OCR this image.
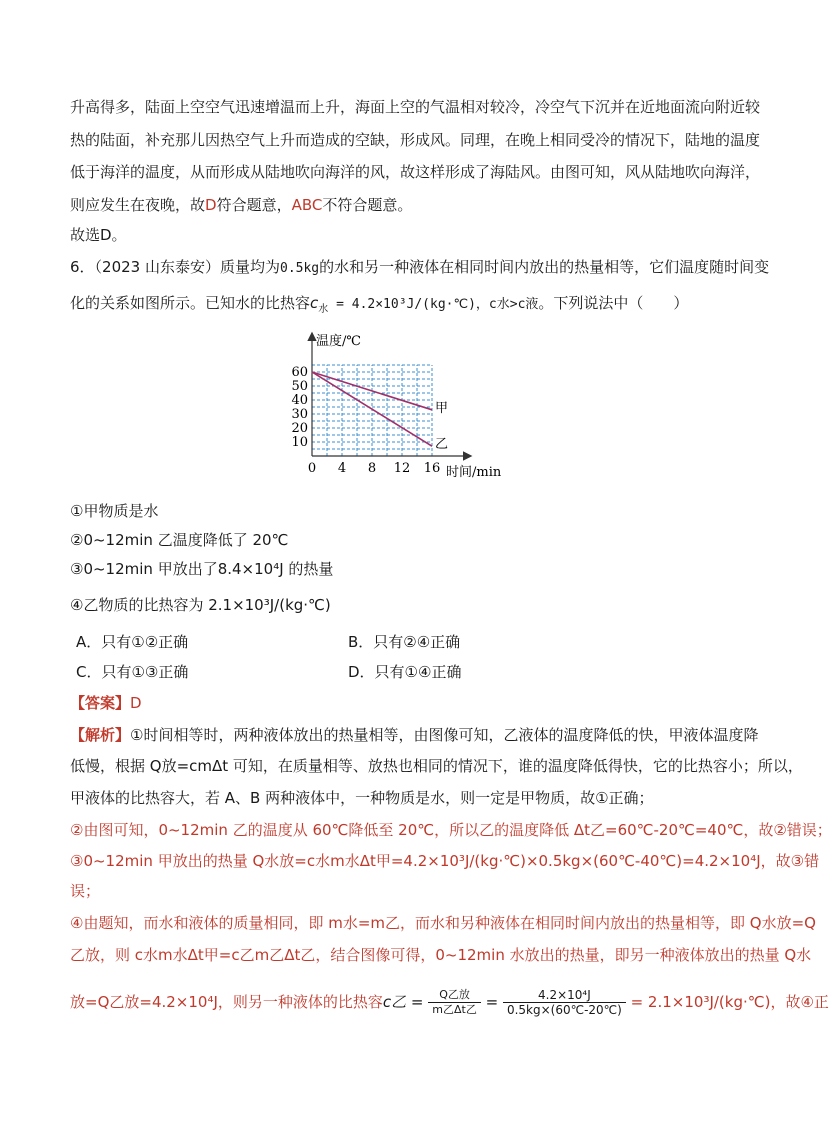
升高得多，陆面上空空气迅速增温而上升，海面上空的气温相对较冷，冷空气下沉并在近地面流向附近较
热的陆面，补充那儿因热空气上升而造成的空缺，形成风。同理，在晚上相同受冷的情况下，陆地的温度
低于海洋的温度，从而形成从陆地吹向海洋的风，故这样形成了海陆风。由图可知，风从陆地吹向海洋，
则应发生在夜晚，故D符合题意，ABC不符合题意。
故选D。
6．（2023 山东泰安）质量均为0.5kg的水和另一种液体在相同时间内放出的热量相等，它们温度随时间变
化的关系如图所示。已知水的比热容$c_水$ = 4.2×10³J/(kg·℃)，c水>c液。下列说法中（　　）
温度/℃
时间/min
0 4 8 12 16
10
20
30
40
50
60
甲
乙
①甲物质是水
②0~12min 乙温度降低了 20℃
③0~12min 甲放出了8.4×10⁴J 的热量
④乙物质的比热容为 2.1×10³J/(kg·℃)
A．只有①②正确	B．只有②④正确
C．只有①③正确	D．只有①④正确
【答案】D
【解析】①时间相等时，两种液体放出的热量相等，由图像可知，乙液体的温度降低的快，甲液体温度降
低慢，根据 Q放=cmΔt 可知，在质量相等、放热也相同的情况下，谁的温度降低得快，它的比热容小；所以，
甲液体的比热容大，若 A、B 两种液体中，一种物质是水，则一定是甲物质，故①正确；
②由图可知，0~12min 乙的温度从 60℃降低至 20℃，所以乙的温度降低 Δt乙=60℃-20℃=40℃，故②错误；
③0~12min 甲放出的热量 Q水放=c水m水Δt甲=4.2×10³J/(kg·℃)×0.5kg×(60℃-40℃)=4.2×10⁴J，故③错
误；
④由题知，而水和液体的质量相同，即 m水=m乙，而水和另种液体在相同时间内放出的热量相等，即 Q水放=Q
乙放，则 c水m水Δt甲=c乙m乙Δt乙，结合图像可得，0~12min 水放出的热量，即另一种液体放出的热量 Q水
放=Q乙放=4.2×10⁴J，则另一种液体的比热容c乙 = $\frac{\text{Q乙放}}{\text{m乙Δt乙}} = \frac{\text{4.2×10⁴J}}{0.5kg\times(60℃-20℃)}$ = 2.1×10³J/(kg·℃)，故④正
